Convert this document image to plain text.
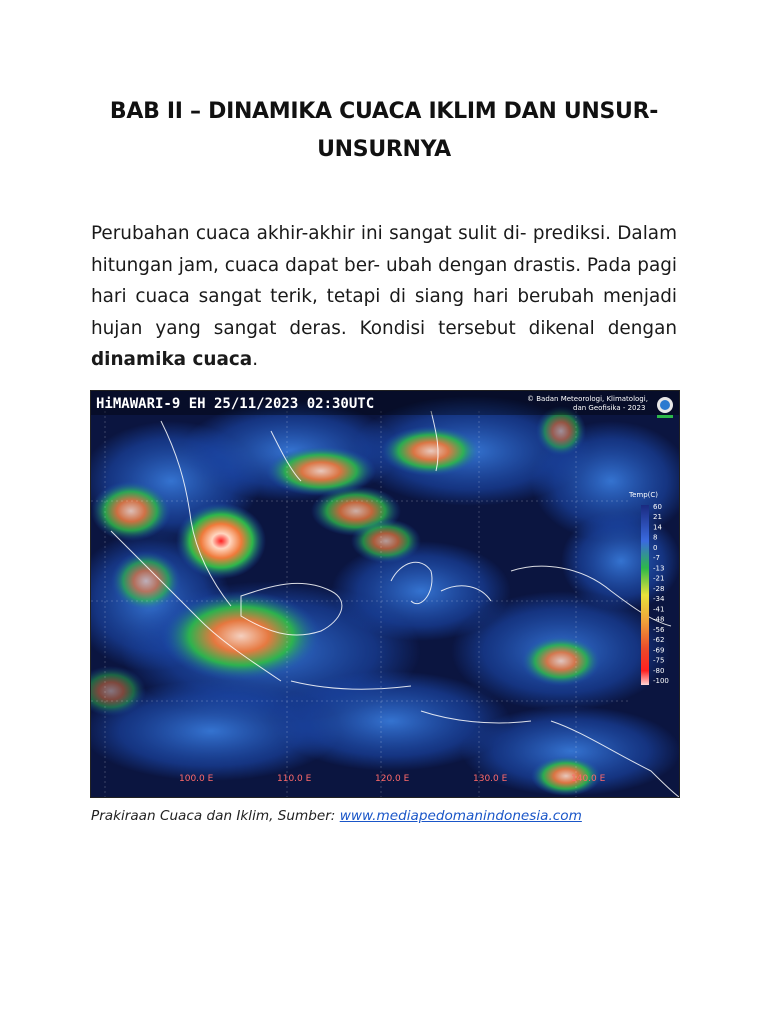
BAB II – DINAMIKA CUACA IKLIM DAN UNSUR-UNSURNYA
Perubahan cuaca akhir-akhir ini sangat sulit di- prediksi. Dalam hitungan jam, cuaca dapat ber- ubah dengan drastis. Pada pagi hari cuaca sangat terik, tetapi di siang hari berubah menjadi hujan yang sangat deras. Kondisi tersebut dikenal dengan dinamika cuaca.
HiMAWARI-9 EH 25/11/2023 02:30UTC	© Badan Meteorologi, Klimatologi,
dan Geofisika - 2023
Temp(C)
60
21
14
8
0
-7
-13
-21
-28
-34
-41
-48
-56
-62
-69
-75
-80
-100
100.0 E	110.0 E	120.0 E	130.0 E	140.0 E
Prakiraan Cuaca dan Iklim, Sumber: www.mediapedomanindonesia.com
